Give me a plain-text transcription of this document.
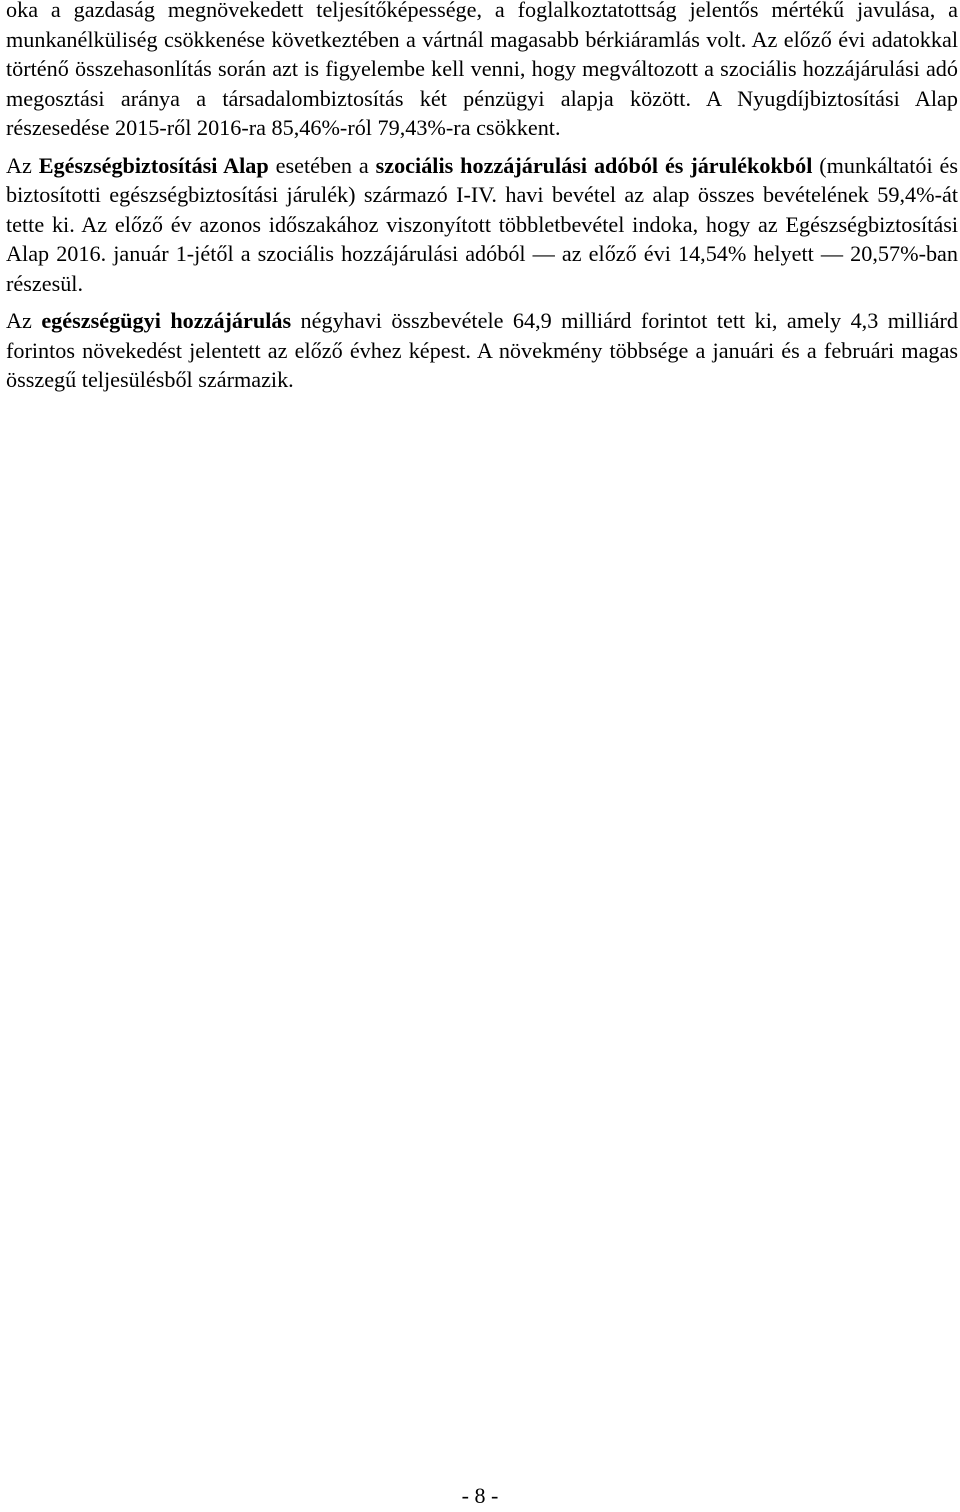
oka a gazdaság megnövekedett teljesítőképessége, a foglalkoztatottság jelentős mértékű javulása, a munkanélküliség csökkenése következtében a vártnál magasabb bérkiáramlás volt. Az előző évi adatokkal történő összehasonlítás során azt is figyelembe kell venni, hogy megváltozott a szociális hozzájárulási adó megosztási aránya a társadalombiztosítás két pénzügyi alapja között. A Nyugdíjbiztosítási Alap részesedése 2015-ről 2016-ra 85,46%-ról 79,43%-ra csökkent.

Az Egészségbiztosítási Alap esetében a szociális hozzájárulási adóból és járulékokból (munkáltatói és biztosítotti egészségbiztosítási járulék) származó I-IV. havi bevétel az alap összes bevételének 59,4%-át tette ki. Az előző év azonos időszakához viszonyított többletbevétel indoka, hogy az Egészségbiztosítási Alap 2016. január 1-jétől a szociális hozzájárulási adóból — az előző évi 14,54% helyett — 20,57%-ban részesül.

Az egészségügyi hozzájárulás négyhavi összbevétele 64,9 milliárd forintot tett ki, amely 4,3 milliárd forintos növekedést jelentett az előző évhez képest. A növekmény többsége a januári és a februári magas összegű teljesülésből származik.

- 8 -
